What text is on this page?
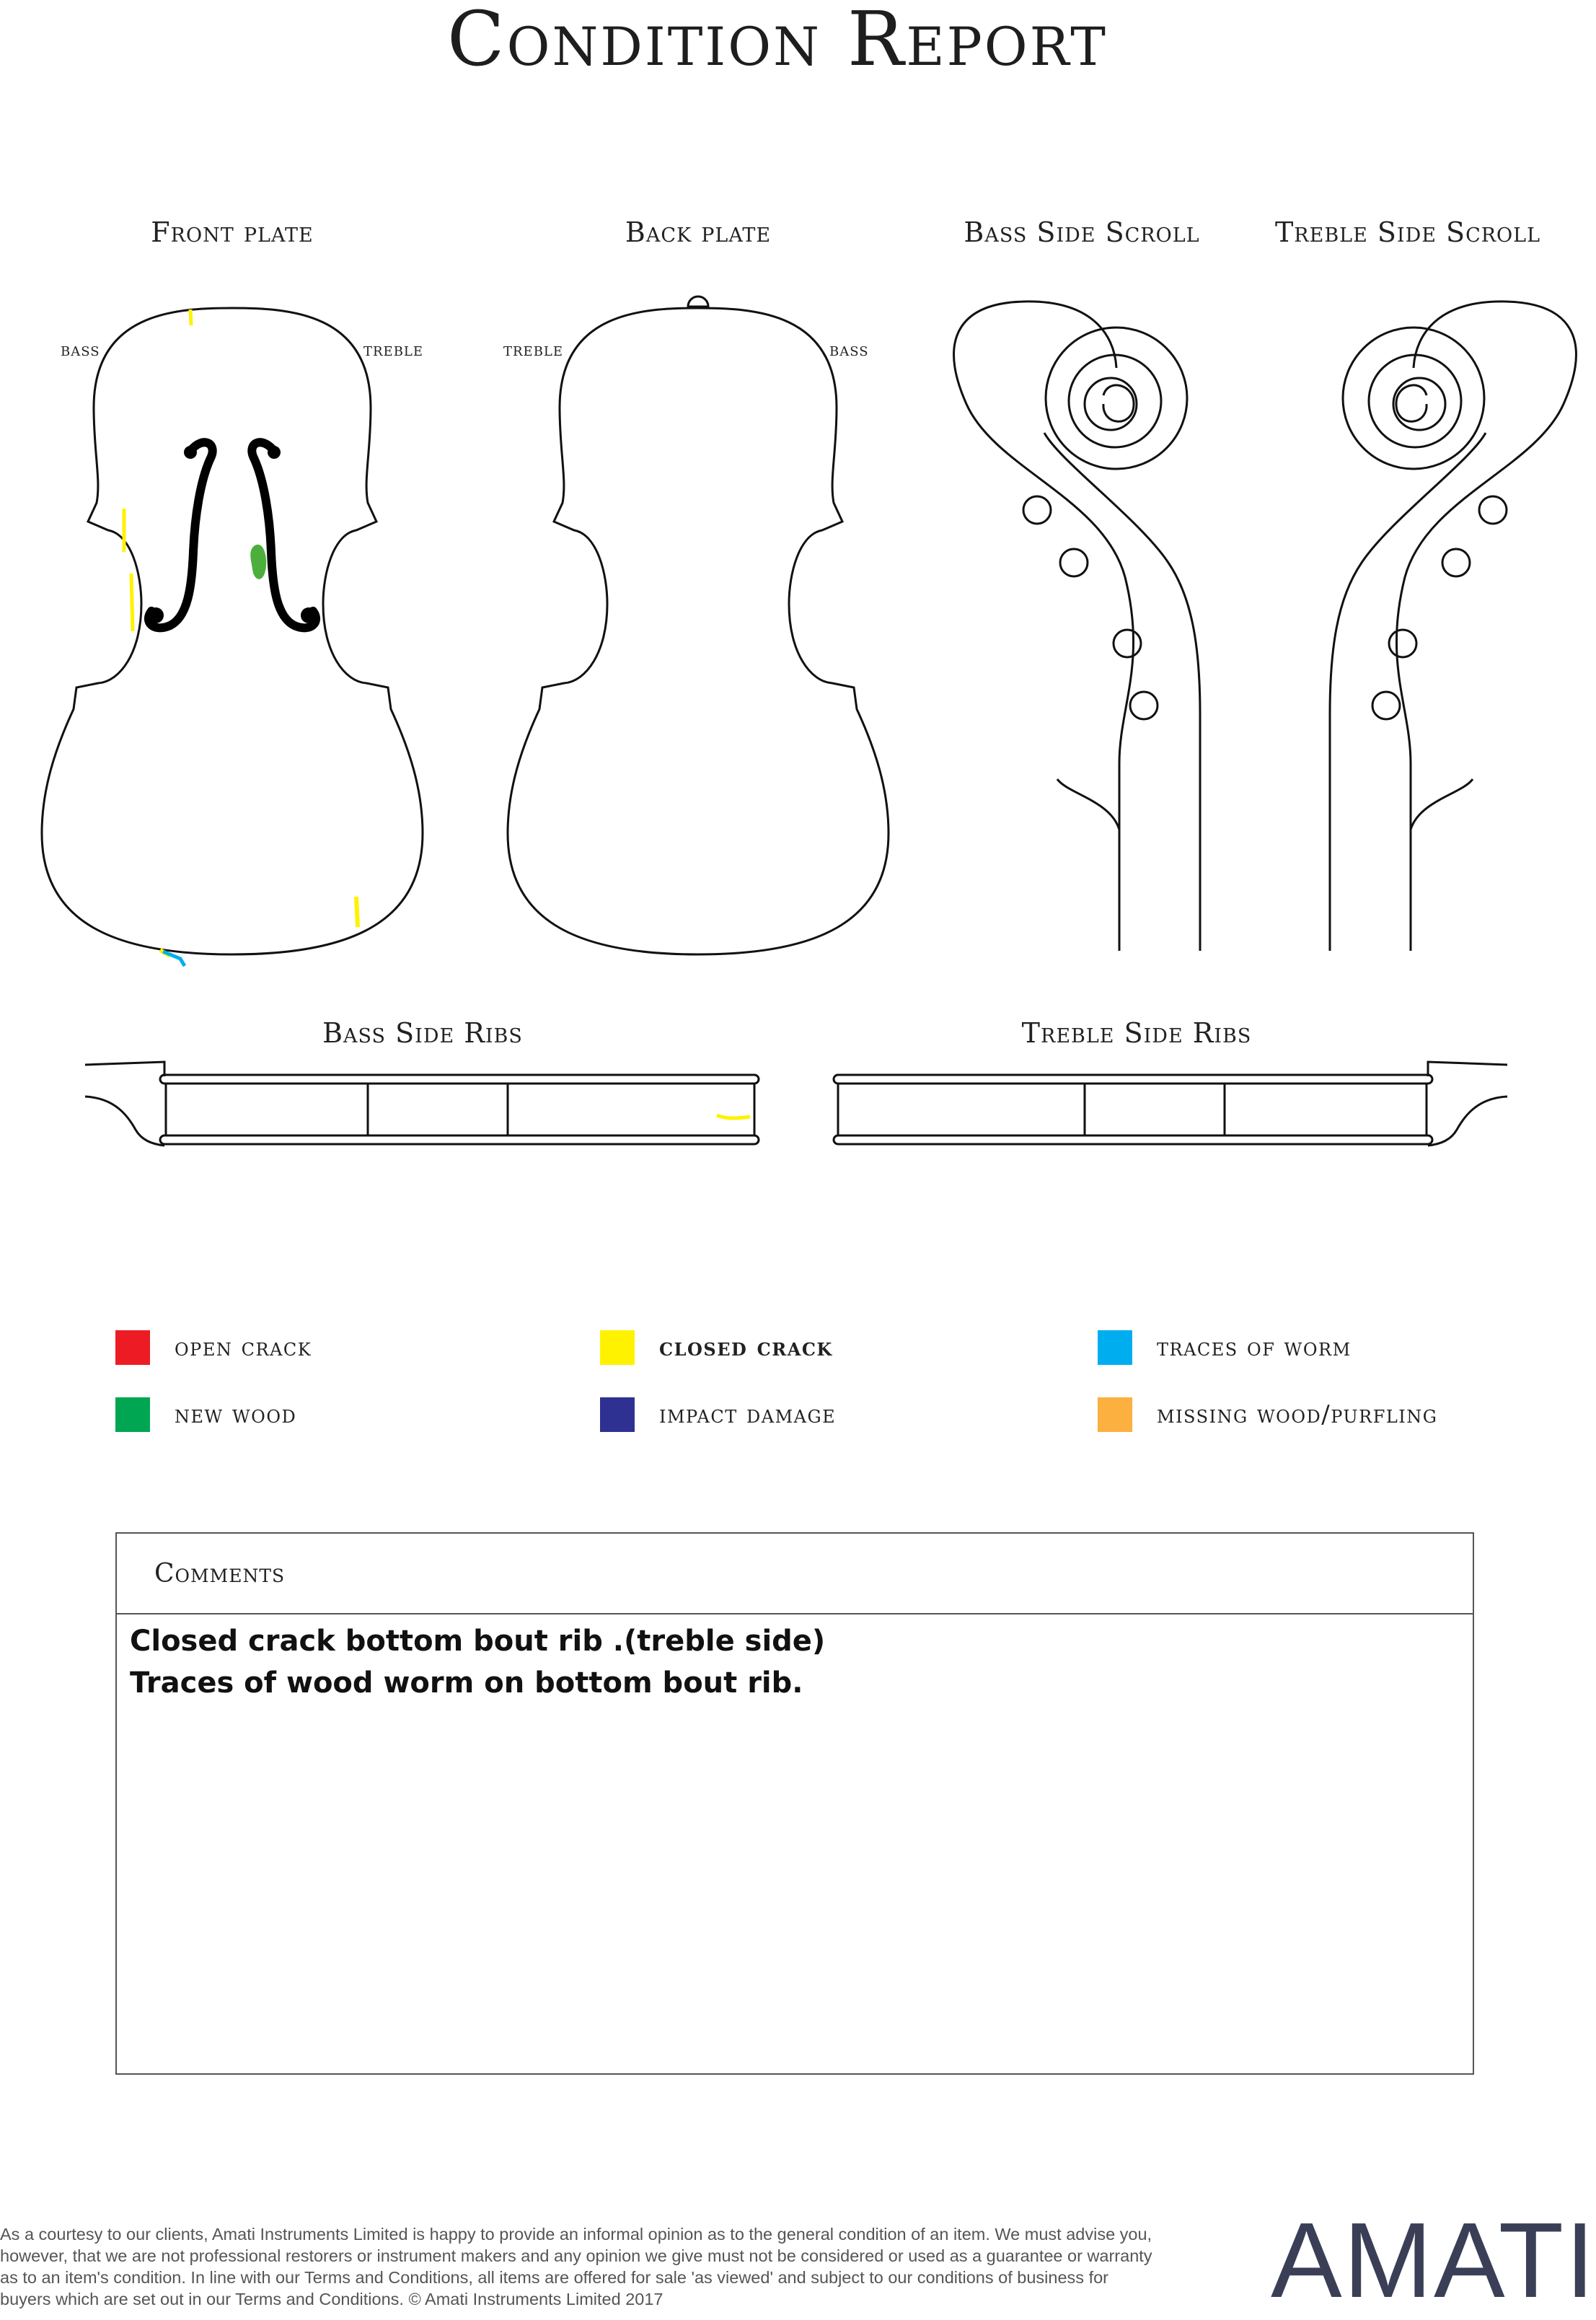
Condition Report
Front plate	Back plate	Bass Side Scroll	Treble Side Scroll
Bass Side Ribs	Treble Side Ribs
bass	treble	treble	bass
open crack	closed crack	traces of worm
new wood	impact damage	missing wood/purfling
Comments
Closed crack bottom bout rib .(treble side)
Traces of wood worm on bottom bout rib.
As a courtesy to our clients, Amati Instruments Limited is happy to provide an informal opinion as to the general condition of an item. We must advise you, however, that we are not professional restorers or instrument makers and any opinion we give must not be considered or used as a guarantee or warranty as to an item's condition. In line with our Terms and Conditions, all items are offered for sale 'as viewed' and subject to our conditions of business for buyers which are set out in our Terms and Conditions. © Amati Instruments Limited 2017	AMATI
